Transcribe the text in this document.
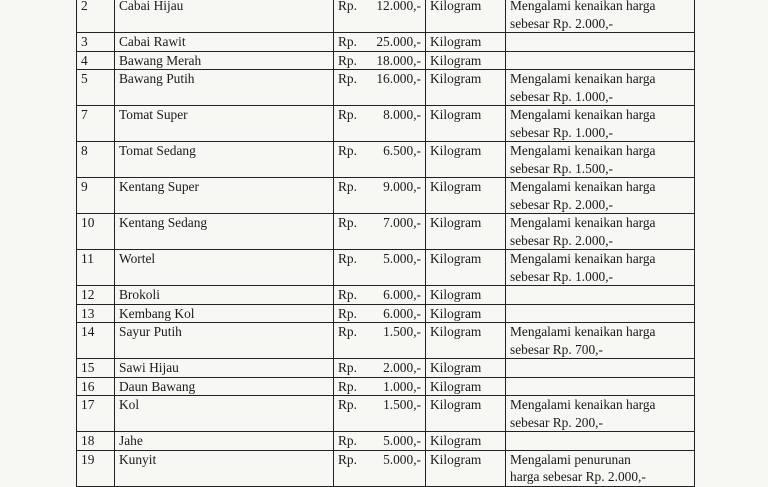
2	Cabai Hijau	Rp. 12.000,-	Kilogram	Mengalami kenaikan harga
sebesar Rp. 2.000,-

3	Cabai Rawit	Rp. 25.000,-	Kilogram	
4	Bawang Merah	Rp. 18.000,-	Kilogram	
5	Bawang Putih	Rp. 16.000,-	Kilogram	Mengalami kenaikan harga
sebesar Rp. 1.000,-

7	Tomat Super	Rp. 8.000,-	Kilogram	Mengalami kenaikan harga
sebesar Rp. 1.000,-

8	Tomat Sedang	Rp. 6.500,-	Kilogram	Mengalami kenaikan harga
sebesar Rp. 1.500,-

9	Kentang Super	Rp. 9.000,-	Kilogram	Mengalami kenaikan harga
sebesar Rp. 2.000,-

10	Kentang Sedang	Rp. 7.000,-	Kilogram	Mengalami kenaikan harga
sebesar Rp. 2.000,-

11	Wortel	Rp. 5.000,-	Kilogram	Mengalami kenaikan harga
sebesar Rp. 1.000,-

12	Brokoli	Rp. 6.000,-	Kilogram	
13	Kembang Kol	Rp. 6.000,-	Kilogram	
14	Sayur Putih	Rp. 1.500,-	Kilogram	Mengalami kenaikan harga
sebesar Rp. 700,-

15	Sawi Hijau	Rp. 2.000,-	Kilogram	
16	Daun Bawang	Rp. 1.000,-	Kilogram	
17	Kol	Rp. 1.500,-	Kilogram	Mengalami kenaikan harga
sebesar Rp. 200,-

18	Jahe	Rp. 5.000,-	Kilogram	
19	Kunyit	Rp. 5.000,-	Kilogram	Mengalami penurunan
harga sebesar Rp. 2.000,-
